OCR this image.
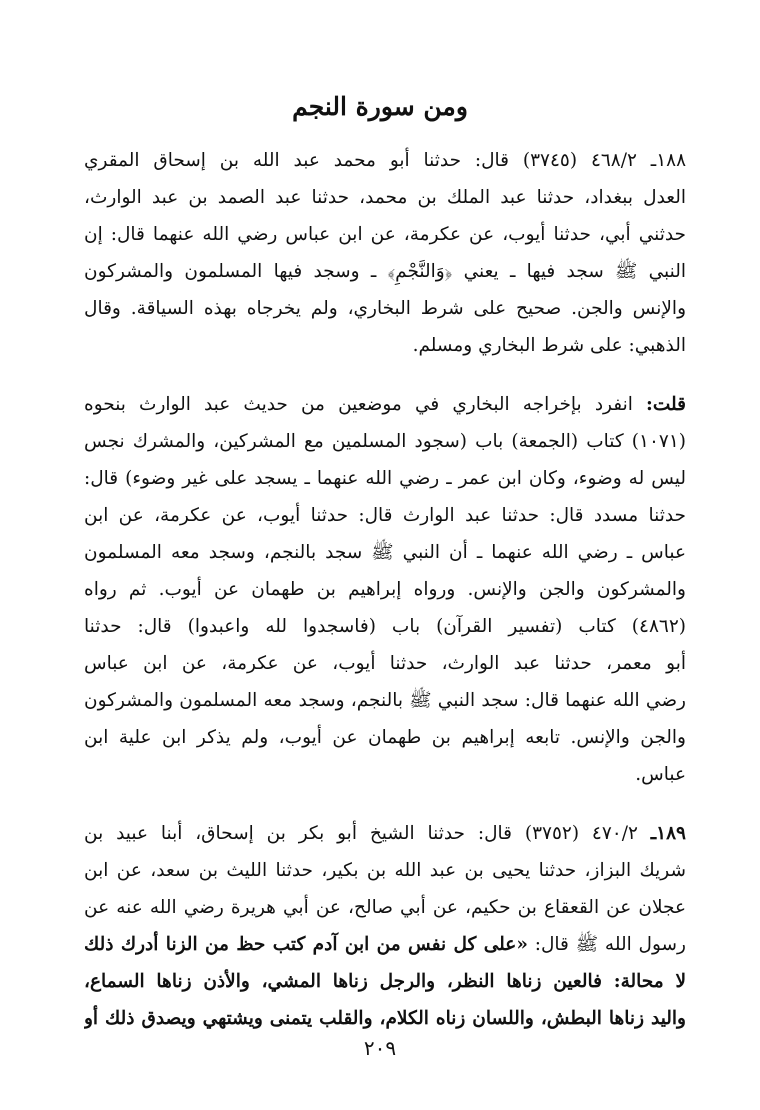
ومن سورة النجم
١٨٨ـ ٤٦٨/٢ (٣٧٤٥) قال: حدثنا أبو محمد عبد الله بن إسحاق المقري
العدل ببغداد، حدثنا عبد الملك بن محمد، حدثنا عبد الصمد بن عبد الوارث،
حدثني أبي، حدثنا أيوب، عن عكرمة، عن ابن عباس رضي الله عنهما قال: إن
النبي ﷺ سجد فيها ـ يعني ﴿وَالنَّجْمِ﴾ ـ وسجد فيها المسلمون والمشركون
والإنس والجن. صحيح على شرط البخاري، ولم يخرجاه بهذه السياقة. وقال
الذهبي: على شرط البخاري ومسلم.
قلت: انفرد بإخراجه البخاري في موضعين من حديث عبد الوارث بنحوه
(١٠٧١) كتاب (الجمعة) باب (سجود المسلمين مع المشركين، والمشرك نجس
ليس له وضوء، وكان ابن عمر ـ رضي الله عنهما ـ يسجد على غير وضوء) قال:
حدثنا مسدد قال: حدثنا عبد الوارث قال: حدثنا أيوب، عن عكرمة، عن ابن
عباس ـ رضي الله عنهما ـ أن النبي ﷺ سجد بالنجم، وسجد معه المسلمون
والمشركون والجن والإنس. ورواه إبراهيم بن طهمان عن أيوب. ثم رواه
(٤٨٦٢) كتاب (تفسير القرآن) باب (فاسجدوا لله واعبدوا) قال: حدثنا
أبو معمر، حدثنا عبد الوارث، حدثنا أيوب، عن عكرمة، عن ابن عباس
رضي الله عنهما قال: سجد النبي ﷺ بالنجم، وسجد معه المسلمون والمشركون
والجن والإنس. تابعه إبراهيم بن طهمان عن أيوب، ولم يذكر ابن علية ابن
عباس.
١٨٩ـ ٤٧٠/٢ (٣٧٥٢) قال: حدثنا الشيخ أبو بكر بن إسحاق، أبنا عبيد بن
شريك البزاز، حدثنا يحيى بن عبد الله بن بكير، حدثنا الليث بن سعد، عن ابن
عجلان عن القعقاع بن حكيم، عن أبي صالح، عن أبي هريرة رضي الله عنه عن
رسول الله ﷺ قال: «على كل نفس من ابن آدم كتب حظ من الزنا أدرك ذلك
لا محالة: فالعين زناها النظر، والرجل زناها المشي، والأذن زناها السماع،
واليد زناها البطش، واللسان زناه الكلام، والقلب يتمنى ويشتهي ويصدق ذلك أو
٢٠٩
